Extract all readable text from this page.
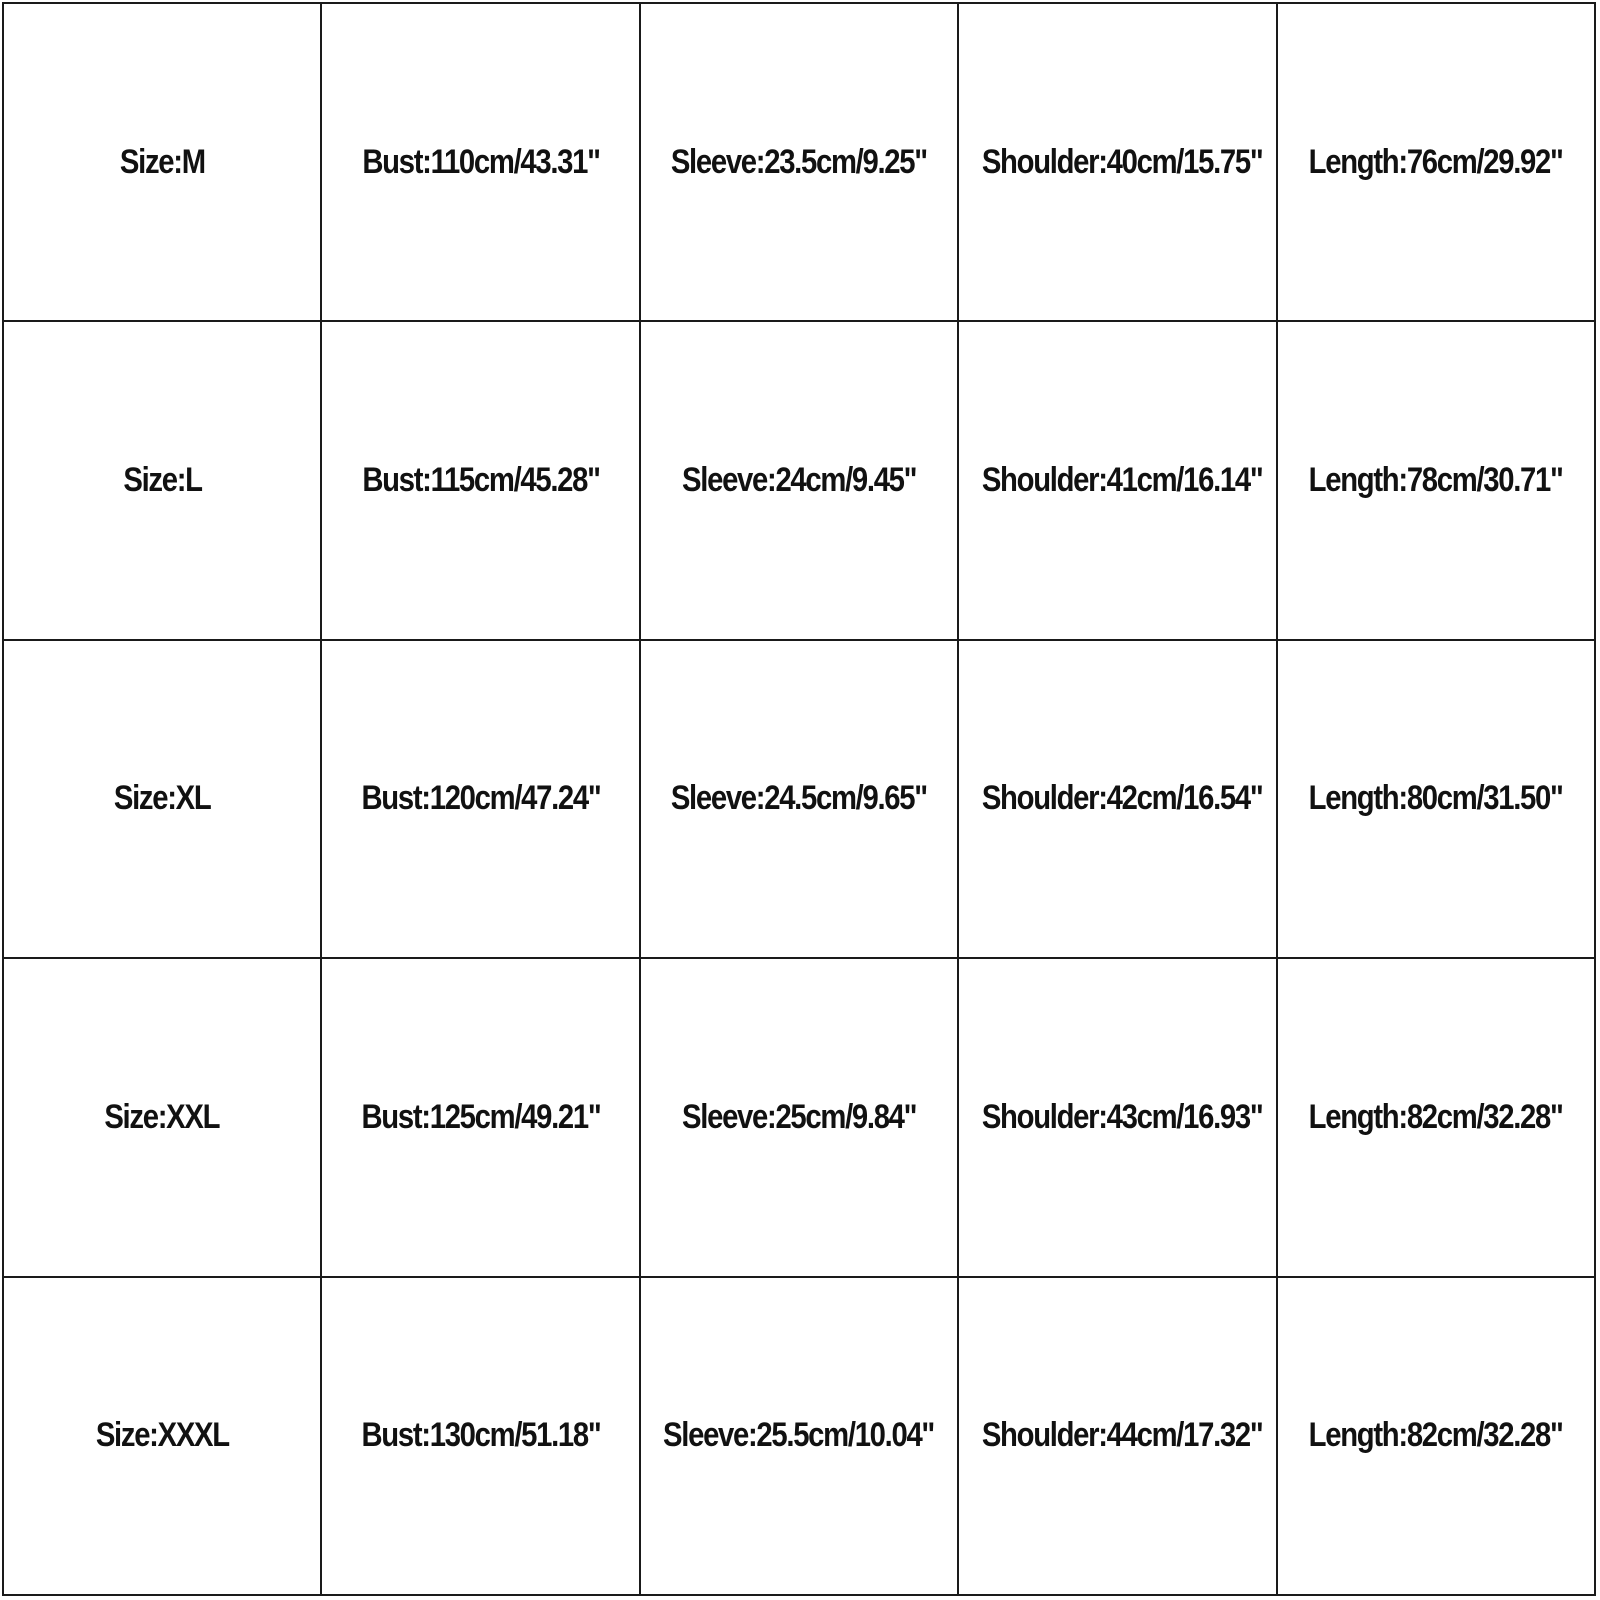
Size:M	Bust:110cm/43.31"	Sleeve:23.5cm/9.25"	Shoulder:40cm/15.75"	Length:76cm/29.92"
Size:L	Bust:115cm/45.28"	Sleeve:24cm/9.45"	Shoulder:41cm/16.14"	Length:78cm/30.71"
Size:XL	Bust:120cm/47.24"	Sleeve:24.5cm/9.65"	Shoulder:42cm/16.54"	Length:80cm/31.50"
Size:XXL	Bust:125cm/49.21"	Sleeve:25cm/9.84"	Shoulder:43cm/16.93"	Length:82cm/32.28"
Size:XXXL	Bust:130cm/51.18"	Sleeve:25.5cm/10.04"	Shoulder:44cm/17.32"	Length:82cm/32.28"
